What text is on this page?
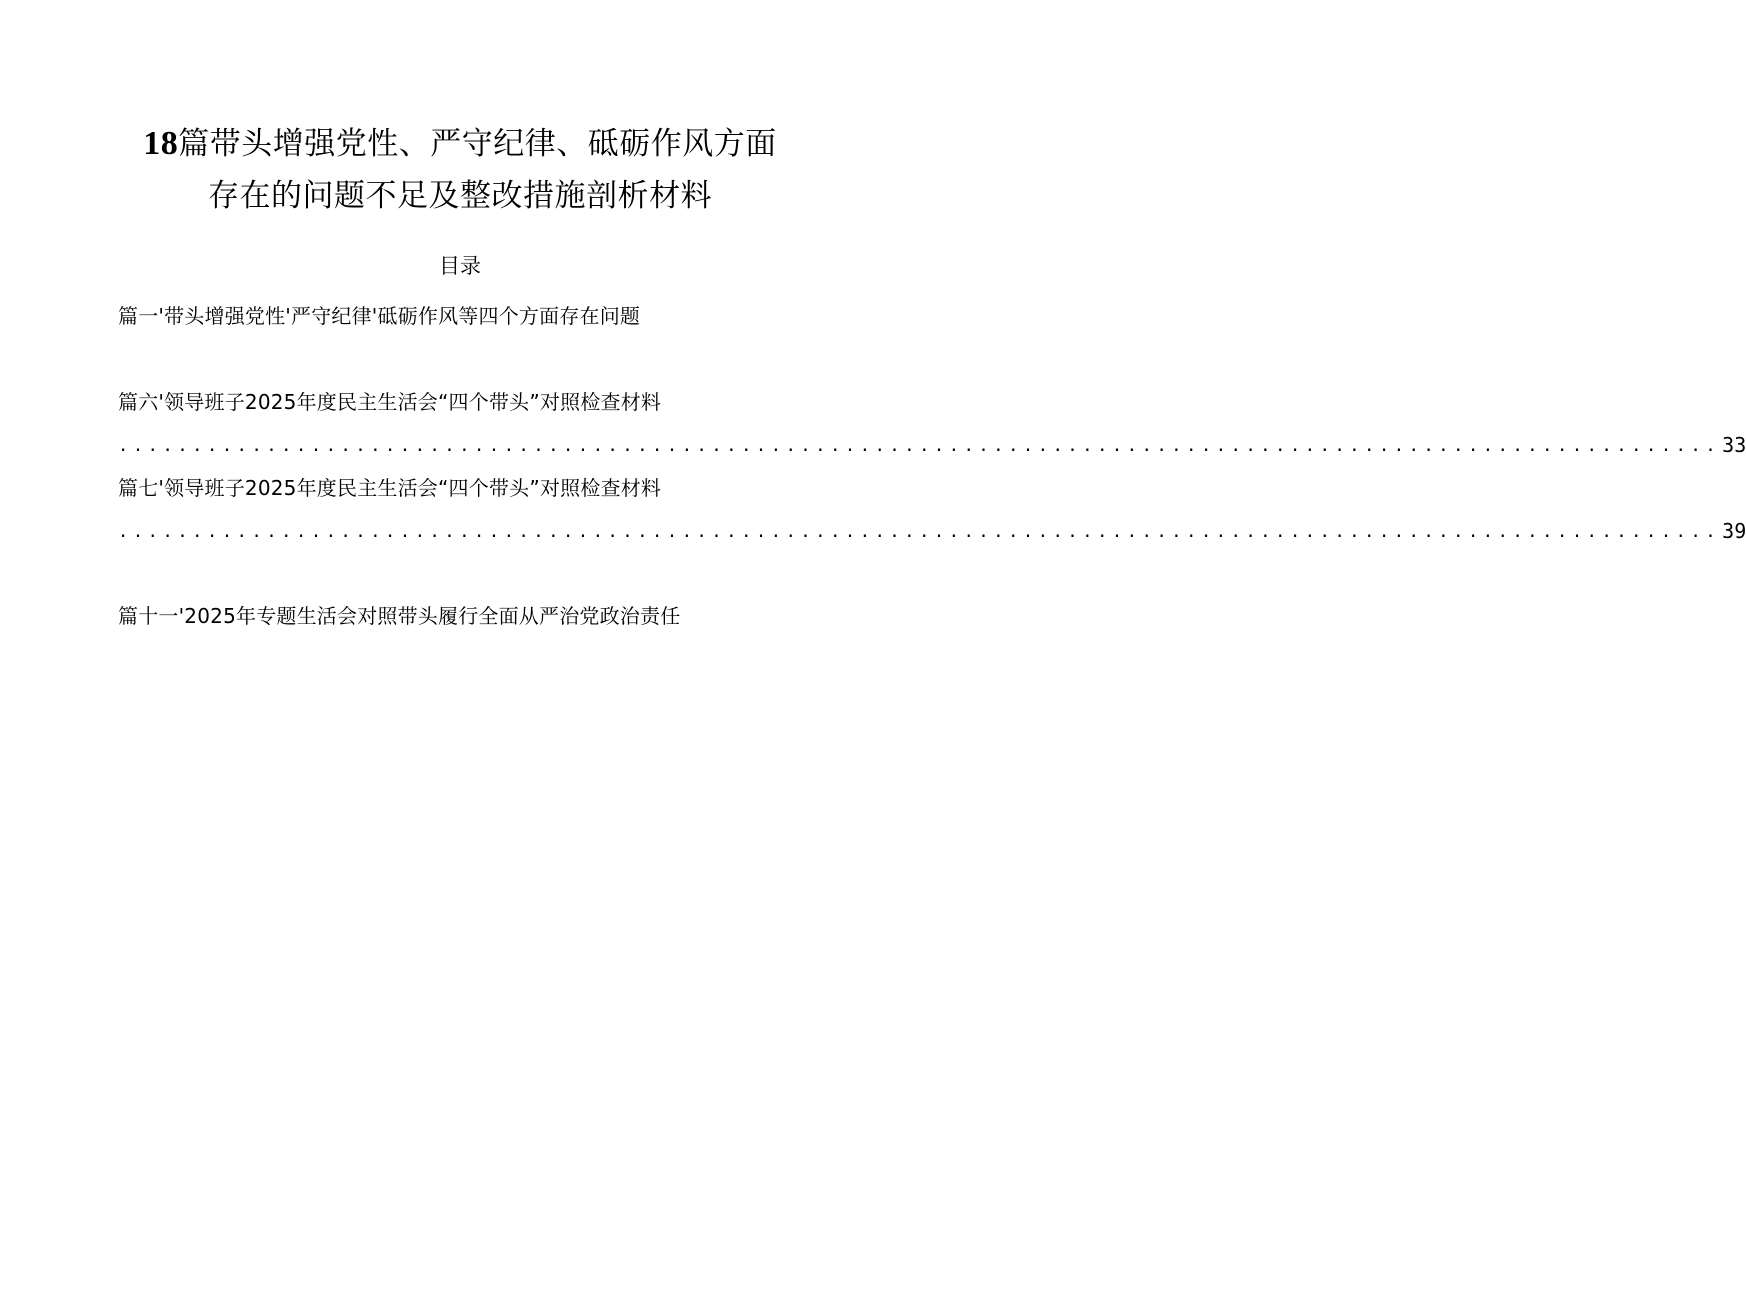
18篇带头增强党性、严守纪律、砥砺作风方面
存在的问题不足及整改措施剖析材料
目录
篇一'带头增强党性'严守纪律'砥砺作风等四个方面存在问题
篇六'领导班子2025年度民主生活会“四个带头”对照检查材料
............................................................................................................ 33
篇七'领导班子2025年度民主生活会“四个带头”对照检查材料
............................................................................................................ 39
篇十一'2025年专题生活会对照带头履行全面从严治党政治责任
